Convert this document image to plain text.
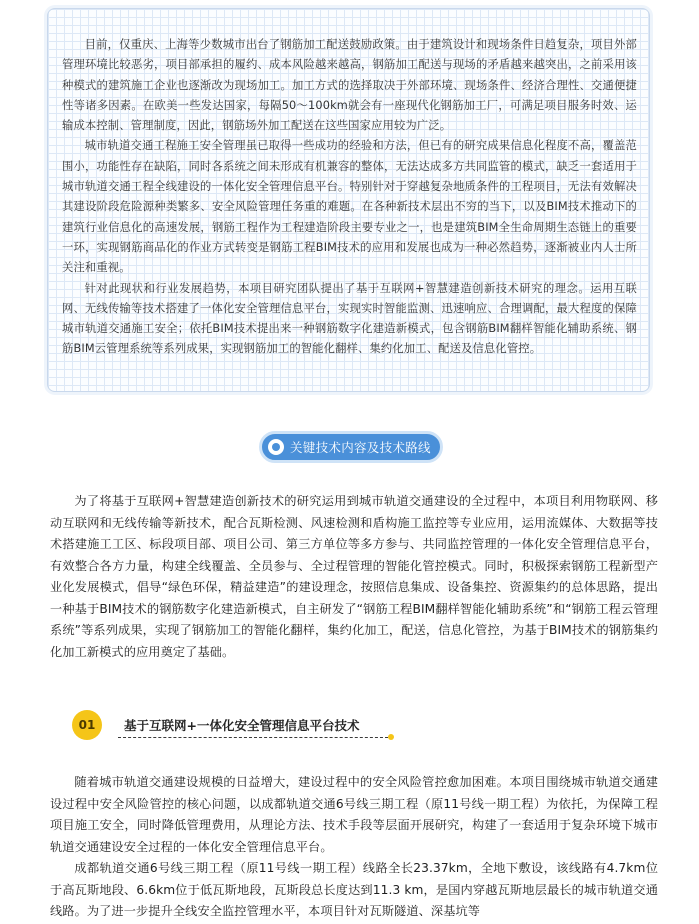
目前，仅重庆、上海等少数城市出台了钢筋加工配送鼓励政策。由于建筑设计和现场条件日趋复杂，项目外部管理环境比较恶劣，项目部承担的履约、成本风险越来越高，钢筋加工配送与现场的矛盾越来越突出，之前采用该种模式的建筑施工企业也逐渐改为现场加工。加工方式的选择取决于外部环境、现场条件、经济合理性、交通便捷性等诸多因素。在欧美一些发达国家，每隔50～100km就会有一座现代化钢筋加工厂，可满足项目服务时效、运输成本控制、管理制度，因此，钢筋场外加工配送在这些国家应用较为广泛。

城市轨道交通工程施工安全管理虽已取得一些成功的经验和方法，但已有的研究成果信息化程度不高，覆盖范围小，功能性存在缺陷，同时各系统之间未形成有机兼容的整体，无法达成多方共同监管的模式，缺乏一套适用于城市轨道交通工程全线建设的一体化安全管理信息平台。特别针对于穿越复杂地质条件的工程项目，无法有效解决其建设阶段危险源种类繁多、安全风险管理任务重的难题。在各种新技术层出不穷的当下，以及BIM技术推动下的建筑行业信息化的高速发展，钢筋工程作为工程建造阶段主要专业之一，也是建筑BIM全生命周期生态链上的重要一环，实现钢筋商品化的作业方式转变是钢筋工程BIM技术的应用和发展也成为一种必然趋势，逐渐被业内人士所关注和重视。

针对此现状和行业发展趋势，本项目研究团队提出了基于互联网+智慧建造创新技术研究的理念。运用互联网、无线传输等技术搭建了一体化安全管理信息平台，实现实时智能监测、迅速响应、合理调配，最大程度的保障城市轨道交通施工安全；依托BIM技术提出来一种钢筋数字化建造新模式，包含钢筋BIM翻样智能化辅助系统、钢筋BIM云管理系统等系列成果，实现钢筋加工的智能化翻样、集约化加工、配送及信息化管控。

关键技术内容及技术路线

为了将基于互联网+智慧建造创新技术的研究运用到城市轨道交通建设的全过程中，本项目利用物联网、移动互联网和无线传输等新技术，配合瓦斯检测、风速检测和盾构施工监控等专业应用，运用流媒体、大数据等技术搭建施工工区、标段项目部、项目公司、第三方单位等多方参与、共同监控管理的一体化安全管理信息平台，有效整合各方力量，构建全线覆盖、全员参与、全过程管理的智能化管控模式。同时，积极探索钢筋工程新型产业化发展模式，倡导“绿色环保，精益建造”的建设理念，按照信息集成、设备集控、资源集约的总体思路，提出一种基于BIM技术的钢筋数字化建造新模式，自主研发了“钢筋工程BIM翻样智能化辅助系统”和“钢筋工程云管理系统”等系列成果，实现了钢筋加工的智能化翻样，集约化加工，配送，信息化管控，为基于BIM技术的钢筋集约化加工新模式的应用奠定了基础。

01	基于互联网+一体化安全管理信息平台技术

随着城市轨道交通建设规模的日益增大，建设过程中的安全风险管控愈加困难。本项目围绕城市轨道交通建设过程中安全风险管控的核心问题，以成都轨道交通6号线三期工程（原11号线一期工程）为依托，为保障工程项目施工安全，同时降低管理费用，从理论方法、技术手段等层面开展研究，构建了一套适用于复杂环境下城市轨道交通建设安全过程的一体化安全管理信息平台。

成都轨道交通6号线三期工程（原11号线一期工程）线路全长23.37km，全地下敷设，该线路有4.7km位于高瓦斯地段、6.6km位于低瓦斯地段，瓦斯段总长度达到11.3 km，是国内穿越瓦斯地层最长的城市轨道交通线路。为了进一步提升全线安全监控管理水平，本项目针对瓦斯隧道、深基坑等
